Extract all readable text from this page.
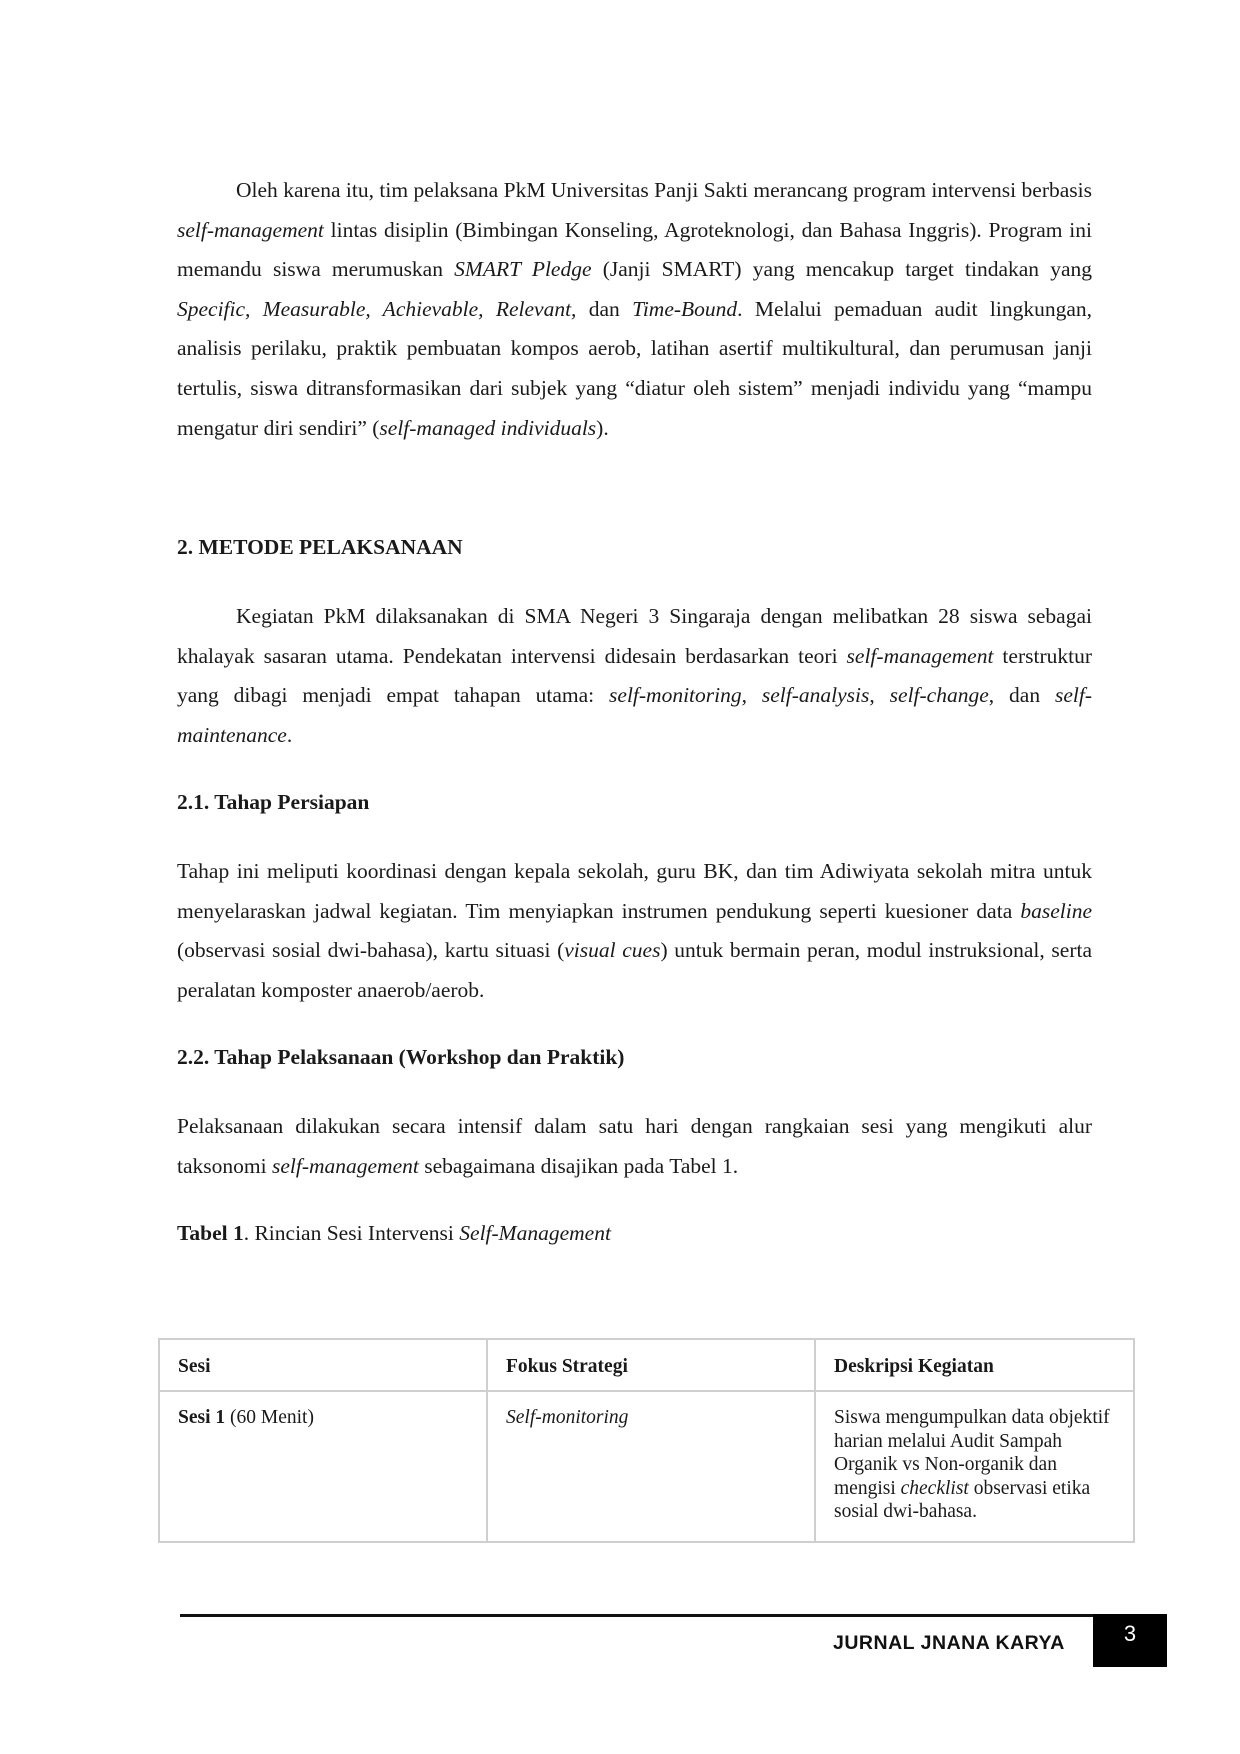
Oleh karena itu, tim pelaksana PkM Universitas Panji Sakti merancang program intervensi berbasis self-management lintas disiplin (Bimbingan Konseling, Agroteknologi, dan Bahasa Inggris). Program ini memandu siswa merumuskan SMART Pledge (Janji SMART) yang mencakup target tindakan yang Specific, Measurable, Achievable, Relevant, dan Time-Bound. Melalui pemaduan audit lingkungan, analisis perilaku, praktik pembuatan kompos aerob, latihan asertif multikultural, dan perumusan janji tertulis, siswa ditransformasikan dari subjek yang “diatur oleh sistem” menjadi individu yang “mampu mengatur diri sendiri” (self-managed individuals).

2. METODE PELAKSANAAN

Kegiatan PkM dilaksanakan di SMA Negeri 3 Singaraja dengan melibatkan 28 siswa sebagai khalayak sasaran utama. Pendekatan intervensi didesain berdasarkan teori self-management terstruktur yang dibagi menjadi empat tahapan utama: self-monitoring, self-analysis, self-change, dan self-maintenance.

2.1. Tahap Persiapan

Tahap ini meliputi koordinasi dengan kepala sekolah, guru BK, dan tim Adiwiyata sekolah mitra untuk menyelaraskan jadwal kegiatan. Tim menyiapkan instrumen pendukung seperti kuesioner data baseline (observasi sosial dwi-bahasa), kartu situasi (visual cues) untuk bermain peran, modul instruksional, serta peralatan komposter anaerob/aerob.

2.2. Tahap Pelaksanaan (Workshop dan Praktik)

Pelaksanaan dilakukan secara intensif dalam satu hari dengan rangkaian sesi yang mengikuti alur taksonomi self-management sebagaimana disajikan pada Tabel 1.

Tabel 1. Rincian Sesi Intervensi Self-Management

Sesi	Fokus Strategi	Deskripsi Kegiatan
Sesi 1 (60 Menit)	Self-monitoring	Siswa mengumpulkan data objektif harian melalui Audit Sampah Organik vs Non-organik dan mengisi checklist observasi etika sosial dwi-bahasa.
JURNAL JNANA KARYA	3
